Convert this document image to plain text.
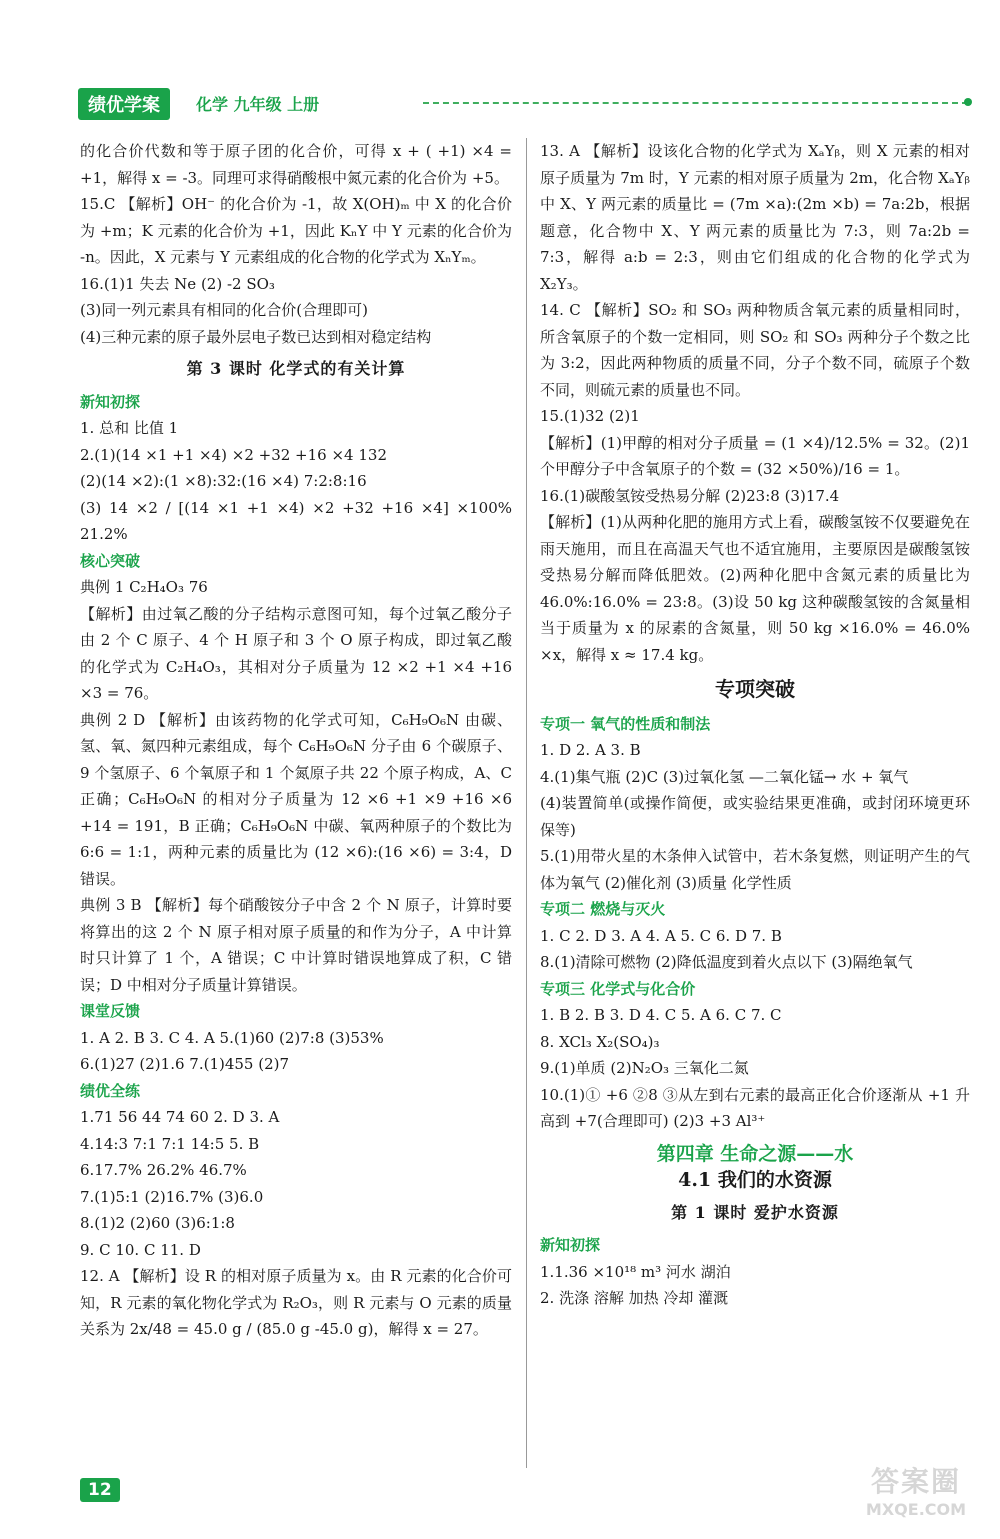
绩优学案	化学 九年级 上册

的化合价代数和等于原子团的化合价，可得 x + ( +1) ×4 = +1，解得 x = -3。同理可求得硝酸根中氮元素的化合价为 +5。

15.C 【解析】OH⁻ 的化合价为 -1，故 X(OH)ₘ 中 X 的化合价为 +m；K 元素的化合价为 +1，因此 KₙY 中 Y 元素的化合价为 -n。因此，X 元素与 Y 元素组成的化合物的化学式为 XₙYₘ。

16.(1)1 失去 Ne (2) -2 SO₃

(3)同一列元素具有相同的化合价(合理即可)

(4)三种元素的原子最外层电子数已达到相对稳定结构

第 3 课时 化学式的有关计算

新知初探

1. 总和 比值 1

2.(1)(14 ×1 +1 ×4) ×2 +32 +16 ×4 132

(2)(14 ×2):(1 ×8):32:(16 ×4) 7:2:8:16

(3) 14 ×2 / [(14 ×1 +1 ×4) ×2 +32 +16 ×4] ×100% 21.2%

核心突破

典例 1 C₂H₄O₃ 76

【解析】由过氧乙酸的分子结构示意图可知，每个过氧乙酸分子由 2 个 C 原子、4 个 H 原子和 3 个 O 原子构成，即过氧乙酸的化学式为 C₂H₄O₃，其相对分子质量为 12 ×2 +1 ×4 +16 ×3 = 76。

典例 2 D 【解析】由该药物的化学式可知，C₆H₉O₆N 由碳、氢、氧、氮四种元素组成，每个 C₆H₉O₆N 分子由 6 个碳原子、9 个氢原子、6 个氧原子和 1 个氮原子共 22 个原子构成，A、C 正确；C₆H₉O₆N 的相对分子质量为 12 ×6 +1 ×9 +16 ×6 +14 = 191，B 正确；C₆H₉O₆N 中碳、氧两种原子的个数比为 6:6 = 1:1，两种元素的质量比为 (12 ×6):(16 ×6) = 3:4，D 错误。

典例 3 B 【解析】每个硝酸铵分子中含 2 个 N 原子，计算时要将算出的这 2 个 N 原子相对原子质量的和作为分子，A 中计算时只计算了 1 个，A 错误；C 中计算时错误地算成了积，C 错误；D 中相对分子质量计算错误。

课堂反馈

1. A 2. B 3. C 4. A 5.(1)60 (2)7:8 (3)53%

6.(1)27 (2)1.6 7.(1)455 (2)7

绩优全练

1.71 56 44 74 60 2. D 3. A

4.14:3 7:1 7:1 14:5 5. B

6.17.7% 26.2% 46.7%

7.(1)5:1 (2)16.7% (3)6.0

8.(1)2 (2)60 (3)6:1:8

9. C 10. C 11. D

12. A 【解析】设 R 的相对原子质量为 x。由 R 元素的化合价可知，R 元素的氧化物化学式为 R₂O₃，则 R 元素与 O 元素的质量关系为 2x/48 = 45.0 g / (85.0 g -45.0 g)，解得 x = 27。

13. A 【解析】设该化合物的化学式为 XₐYᵦ，则 X 元素的相对原子质量为 7m 时，Y 元素的相对原子质量为 2m，化合物 XₐYᵦ 中 X、Y 两元素的质量比 = (7m ×a):(2m ×b) = 7a:2b，根据题意，化合物中 X、Y 两元素的质量比为 7:3，则 7a:2b = 7:3，解得 a:b = 2:3，则由它们组成的化合物的化学式为 X₂Y₃。

14. C 【解析】SO₂ 和 SO₃ 两种物质含氧元素的质量相同时，所含氧原子的个数一定相同，则 SO₂ 和 SO₃ 两种分子个数之比为 3:2，因此两种物质的质量不同，分子个数不同，硫原子个数不同，则硫元素的质量也不同。

15.(1)32 (2)1

【解析】(1)甲醇的相对分子质量 = (1 ×4)/12.5% = 32。(2)1 个甲醇分子中含氧原子的个数 = (32 ×50%)/16 = 1。

16.(1)碳酸氢铵受热易分解 (2)23:8 (3)17.4

【解析】(1)从两种化肥的施用方式上看，碳酸氢铵不仅要避免在雨天施用，而且在高温天气也不适宜施用，主要原因是碳酸氢铵受热易分解而降低肥效。(2)两种化肥中含氮元素的质量比为 46.0%:16.0% = 23:8。(3)设 50 kg 这种碳酸氢铵的含氮量相当于质量为 x 的尿素的含氮量，则 50 kg ×16.0% = 46.0% ×x，解得 x ≈ 17.4 kg。

专项突破

专项一 氧气的性质和制法

1. D 2. A 3. B

4.(1)集气瓶 (2)C (3)过氧化氢 —二氧化锰→ 水 + 氧气

(4)装置简单(或操作简便，或实验结果更准确，或封闭环境更环保等)

5.(1)用带火星的木条伸入试管中，若木条复燃，则证明产生的气体为氧气 (2)催化剂 (3)质量 化学性质

专项二 燃烧与灭火

1. C 2. D 3. A 4. A 5. C 6. D 7. B

8.(1)清除可燃物 (2)降低温度到着火点以下 (3)隔绝氧气

专项三 化学式与化合价

1. B 2. B 3. D 4. C 5. A 6. C 7. C

8. XCl₃ X₂(SO₄)₃

9.(1)单质 (2)N₂O₃ 三氧化二氮

10.(1)① +6 ②8 ③从左到右元素的最高正化合价逐渐从 +1 升高到 +7(合理即可) (2)3 +3 Al³⁺

第四章 生命之源——水

4.1 我们的水资源

第 1 课时 爱护水资源

新知初探

1.1.36 ×10¹⁸ m³ 河水 湖泊

2. 洗涤 溶解 加热 冷却 灌溉

12	答案圈
MXQE.COM
